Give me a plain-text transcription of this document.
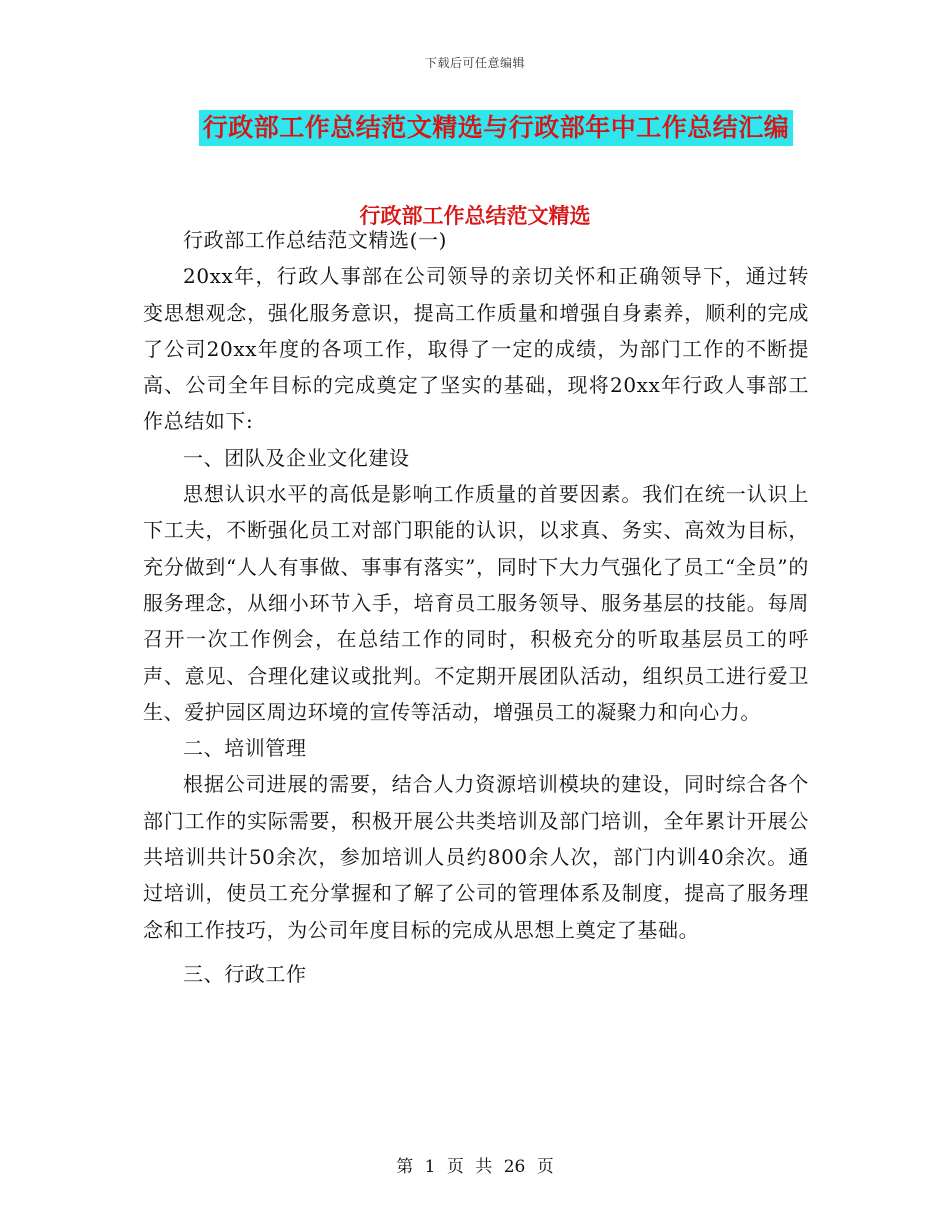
下载后可任意编辑
行政部工作总结范文精选与行政部年中工作总结汇编
行政部工作总结范文精选

行政部工作总结范文精选(一)

20xx年，行政人事部在公司领导的亲切关怀和正确领导下，通过转变思想观念，强化服务意识，提高工作质量和增强自身素养，顺利的完成了公司20xx年度的各项工作，取得了一定的成绩，为部门工作的不断提高、公司全年目标的完成奠定了坚实的基础，现将20xx年行政人事部工作总结如下:

一、团队及企业文化建设

思想认识水平的高低是影响工作质量的首要因素。我们在统一认识上下工夫，不断强化员工对部门职能的认识，以求真、务实、高效为目标，充分做到“人人有事做、事事有落实”，同时下大力气强化了员工“全员”的服务理念，从细小环节入手，培育员工服务领导、服务基层的技能。每周召开一次工作例会，在总结工作的同时，积极充分的听取基层员工的呼声、意见、合理化建议或批判。不定期开展团队活动，组织员工进行爱卫生、爱护园区周边环境的宣传等活动，增强员工的凝聚力和向心力。

二、培训管理

根据公司进展的需要，结合人力资源培训模块的建设，同时综合各个部门工作的实际需要，积极开展公共类培训及部门培训，全年累计开展公共培训共计50余次，参加培训人员约800余人次，部门内训40余次。通过培训，使员工充分掌握和了解了公司的管理体系及制度，提高了服务理念和工作技巧，为公司年度目标的完成从思想上奠定了基础。

三、行政工作

第 1 页 共 26 页
